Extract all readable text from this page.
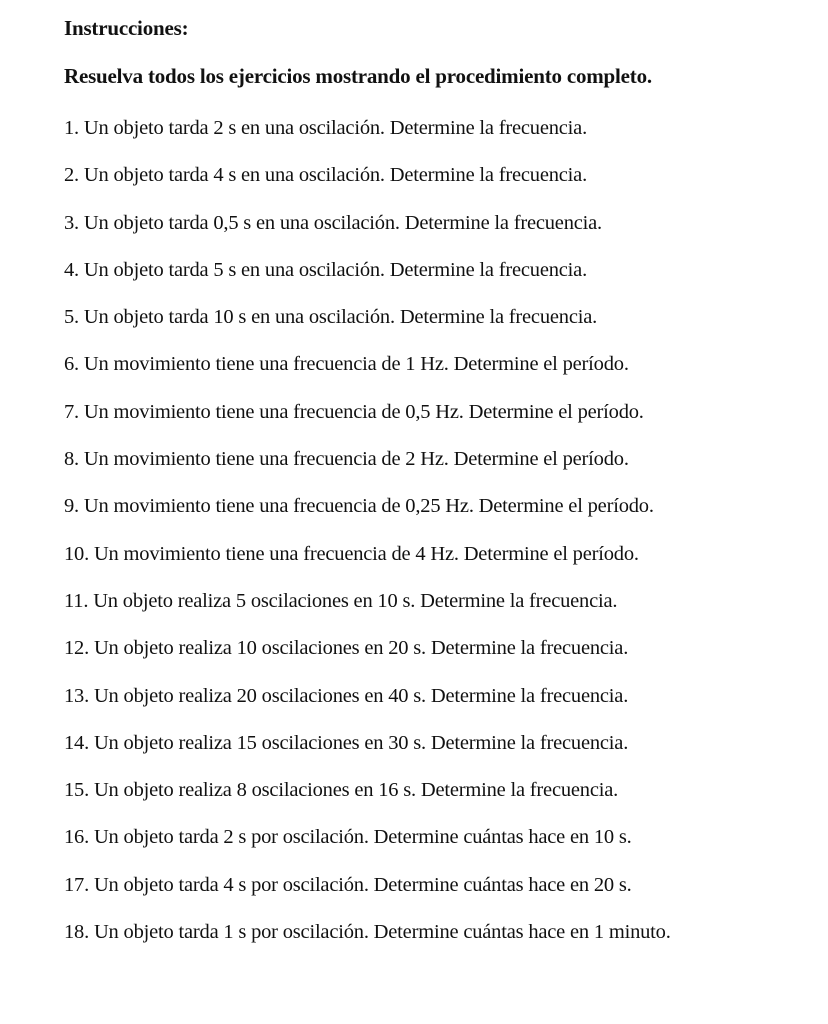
Instrucciones:
Resuelva todos los ejercicios mostrando el procedimiento completo.
1. Un objeto tarda 2 s en una oscilación. Determine la frecuencia.
2. Un objeto tarda 4 s en una oscilación. Determine la frecuencia.
3. Un objeto tarda 0,5 s en una oscilación. Determine la frecuencia.
4. Un objeto tarda 5 s en una oscilación. Determine la frecuencia.
5. Un objeto tarda 10 s en una oscilación. Determine la frecuencia.
6. Un movimiento tiene una frecuencia de 1 Hz. Determine el período.
7. Un movimiento tiene una frecuencia de 0,5 Hz. Determine el período.
8. Un movimiento tiene una frecuencia de 2 Hz. Determine el período.
9. Un movimiento tiene una frecuencia de 0,25 Hz. Determine el período.
10. Un movimiento tiene una frecuencia de 4 Hz. Determine el período.
11. Un objeto realiza 5 oscilaciones en 10 s. Determine la frecuencia.
12. Un objeto realiza 10 oscilaciones en 20 s. Determine la frecuencia.
13. Un objeto realiza 20 oscilaciones en 40 s. Determine la frecuencia.
14. Un objeto realiza 15 oscilaciones en 30 s. Determine la frecuencia.
15. Un objeto realiza 8 oscilaciones en 16 s. Determine la frecuencia.
16. Un objeto tarda 2 s por oscilación. Determine cuántas hace en 10 s.
17. Un objeto tarda 4 s por oscilación. Determine cuántas hace en 20 s.
18. Un objeto tarda 1 s por oscilación. Determine cuántas hace en 1 minuto.
